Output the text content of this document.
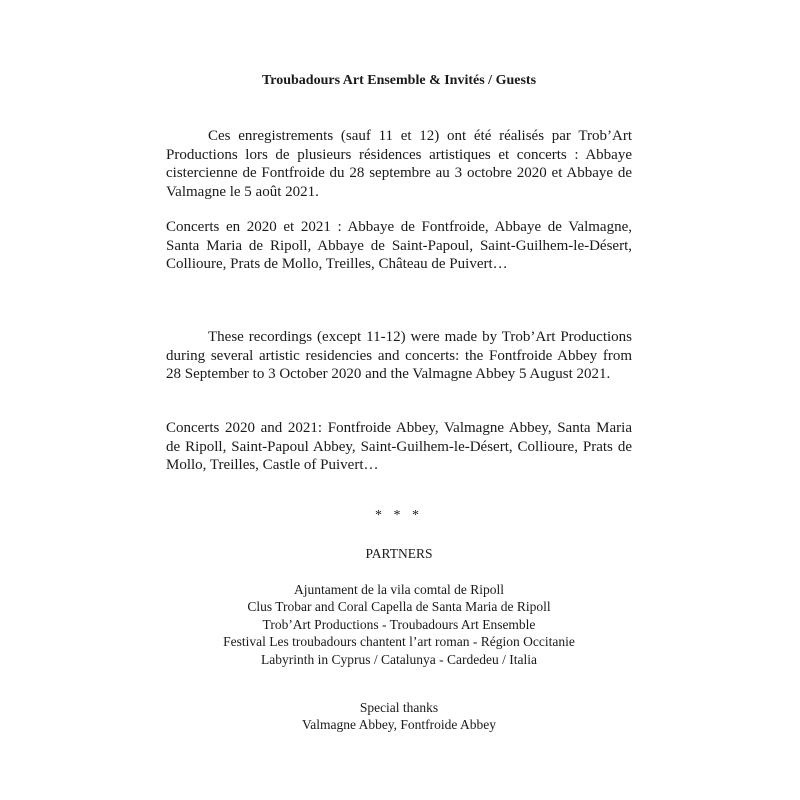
Troubadours Art Ensemble & Invités / Guests

Ces enregistrements (sauf 11 et 12) ont été réalisés par Trob’Art Productions lors de plusieurs résidences artistiques et concerts : Abbaye cistercienne de Fontfroide du 28 septembre au 3 octobre 2020 et Abbaye de Valmagne le 5 août 2021.

Concerts en 2020 et 2021 : Abbaye de Fontfroide, Abbaye de Valmagne, Santa Maria de Ripoll, Abbaye de Saint-Papoul, Saint-Guilhem-le-Désert, Collioure, Prats de Mollo, Treilles, Château de Puivert…

These recordings (except 11-12) were made by Trob’Art Productions during several artistic residencies and concerts: the Fontfroide Abbey from 28 September to 3 October 2020 and the Valmagne Abbey 5 August 2021.

Concerts 2020 and 2021: Fontfroide Abbey, Valmagne Abbey, Santa Maria de Ripoll, Saint-Papoul Abbey, Saint-Guilhem-le-Désert, Collioure, Prats de Mollo, Treilles, Castle of Puivert…

* * *
PARTNERS
Ajuntament de la vila comtal de Ripoll
Clus Trobar and Coral Capella de Santa Maria de Ripoll
Trob’Art Productions - Troubadours Art Ensemble
Festival Les troubadours chantent l’art roman - Région Occitanie
Labyrinth in Cyprus / Catalunya - Cardedeu / Italia
Special thanks
Valmagne Abbey, Fontfroide Abbey
